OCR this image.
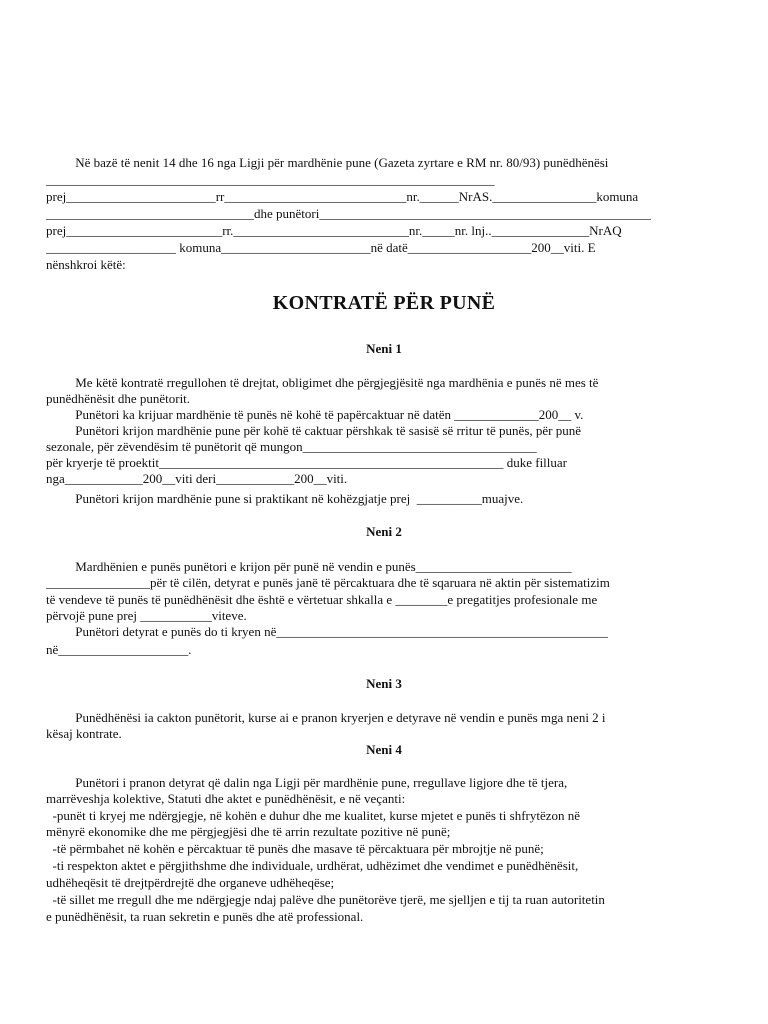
Në bazë të nenit 14 dhe 16 nga Ligji për mardhënie pune (Gazeta zyrtare e RM nr. 80/93) punëdhënësi
_____________________________________________________________________
prej_______________________rr____________________________nr.______NrAS.________________komuna
________________________________dhe punëtori___________________________________________________
prej________________________rr.___________________________nr._____nr. lnj.._______________NrAQ
____________________ komuna_______________________në datë___________________200__viti. E
nënshkroi këtë:
KONTRATË PËR PUNË
Neni 1
Me këtë kontratë rregullohen të drejtat, obligimet dhe përgjegjësitë nga mardhënia e punës në mes të
punëdhënësit dhe punëtorit.
Punëtori ka krijuar mardhënie të punës në kohë të papërcaktuar në datën _____________200__ v.
Punëtori krijon mardhënie pune për kohë të caktuar përshkak të sasisë së rritur të punës, për punë
sezonale, për zëvendësim të punëtorit që mungon____________________________________
për kryerje të proektit_____________________________________________________ duke filluar
nga____________200__viti deri____________200__viti.
Punëtori krijon mardhënie pune si praktikant në kohëzgjatje prej  __________muajve.
Neni 2
Mardhënien e punës punëtori e krijon për punë në vendin e punës________________________
________________për të cilën, detyrat e punës janë të përcaktuara dhe të sqaruara në aktin për sistematizim
të vendeve të punës të punëdhënësit dhe është e vërtetuar shkalla e ________e pregatitjes profesionale me
përvojë pune prej ___________vitevе.
Punëtori detyrat e punës do ti kryen në___________________________________________________
në____________________.
Neni 3
Punëdhënësi ia cakton punëtorit, kurse ai e pranon kryerjen e detyrave në vendin e punës mga neni 2 i
kësaj kontrate.
Neni 4
Punëtori i pranon detyrat që dalin nga Ligji për mardhënie pune, rregullave ligjore dhe të tjera,
marrëveshja kolektive, Statuti dhe aktet e punëdhënësit, e në veçanti:
-punët ti kryej me ndërgjegje, në kohën e duhur dhe me kualitet, kurse mjetet e punës ti shfrytëzon në
mënyrë ekonomike dhe me përgjegjësi dhe të arrin rezultate pozitive në punë;
-të përmbahet në kohën e përcaktuar të punës dhe masave të përcaktuara për mbrojtje në punë;
-ti respekton aktet e përgjithshme dhe individuale, urdhërat, udhëzimet dhe vendimet e punëdhënësit,
udhëheqësit të drejtpërdrejtë dhe organeve udhëheqëse;
-të sillet me rregull dhe me ndërgjegje ndaj palëve dhe punëtorëve tjerë, me sjelljen e tij ta ruan autoritetin
e punëdhënësit, ta ruan sekretin e punës dhe atë professional.
